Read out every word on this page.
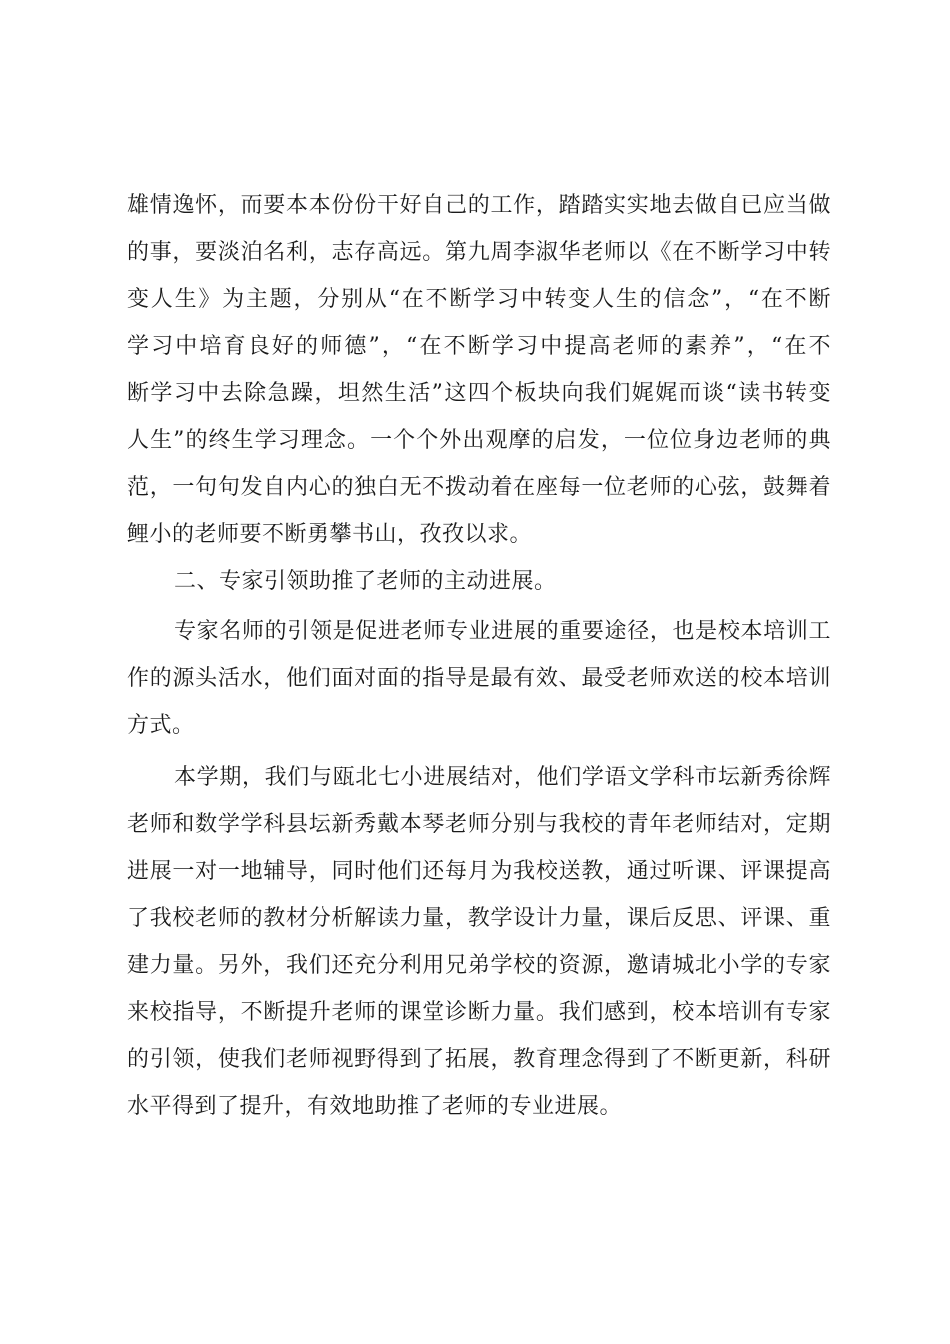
雄情逸怀，而要本本份份干好自己的工作，踏踏实实地去做自已应当做
的事，要淡泊名利，志存高远。第九周李淑华老师以《在不断学习中转
变人生》为主题，分别从“在不断学习中转变人生的信念”，“在不断
学习中培育良好的师德”，“在不断学习中提高老师的素养”，“在不
断学习中去除急躁，坦然生活”这四个板块向我们娓娓而谈“读书转变
人生”的终生学习理念。一个个外出观摩的启发，一位位身边老师的典
范，一句句发自内心的独白无不拨动着在座每一位老师的心弦，鼓舞着
鲤小的老师要不断勇攀书山，孜孜以求。
二、专家引领助推了老师的主动进展。
专家名师的引领是促进老师专业进展的重要途径，也是校本培训工
作的源头活水，他们面对面的指导是最有效、最受老师欢送的校本培训
方式。
本学期，我们与瓯北七小进展结对，他们学语文学科市坛新秀徐辉
老师和数学学科县坛新秀戴本琴老师分别与我校的青年老师结对，定期
进展一对一地辅导，同时他们还每月为我校送教，通过听课、评课提高
了我校老师的教材分析解读力量，教学设计力量，课后反思、评课、重
建力量。另外，我们还充分利用兄弟学校的资源，邀请城北小学的专家
来校指导，不断提升老师的课堂诊断力量。我们感到，校本培训有专家
的引领，使我们老师视野得到了拓展，教育理念得到了不断更新，科研
水平得到了提升，有效地助推了老师的专业进展。
